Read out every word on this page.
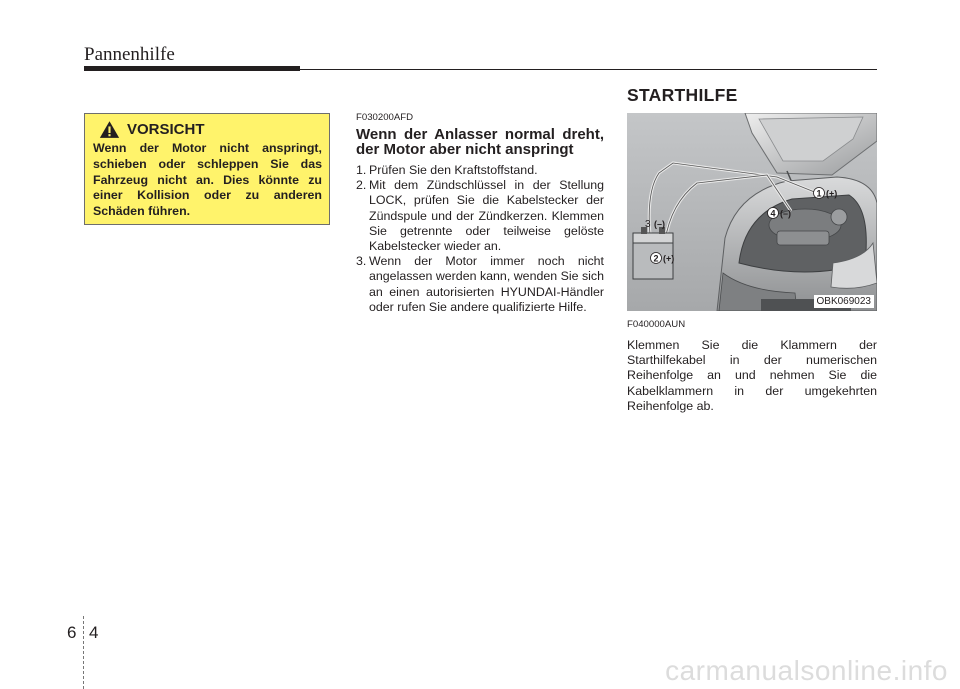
Pannenhilfe
VORSICHT
Wenn der Motor nicht anspringt, schieben oder schleppen Sie das Fahrzeug nicht an. Dies könnte zu einer Kollision oder zu anderen Schäden führen.
F030200AFD
Wenn der Anlasser normal dreht, der Motor aber nicht anspringt
1. Prüfen Sie den Kraftstoffstand.
2. Mit dem Zündschlüssel in der Stellung LOCK, prüfen Sie die Kabelstecker der Zündspule und der Zündkerzen. Klemmen Sie getrennte oder teilweise gelöste Kabelstecker wieder an.
3. Wenn der Motor immer noch nicht angelassen werden kann, wenden Sie sich an einen autorisierten HYUNDAI-Händler oder rufen Sie andere qualifizierte Hilfe.
STARTHILFE
1 (+)
4 (–)
3 (–)
2 (+)
OBK069023
F040000AUN
Klemmen Sie die Klammern der Starthilfekabel in der numerischen Reihenfolge an und nehmen Sie die Kabelklammern in der umgekehrten Reihenfolge ab.
6 4
carmanualsonline.info
